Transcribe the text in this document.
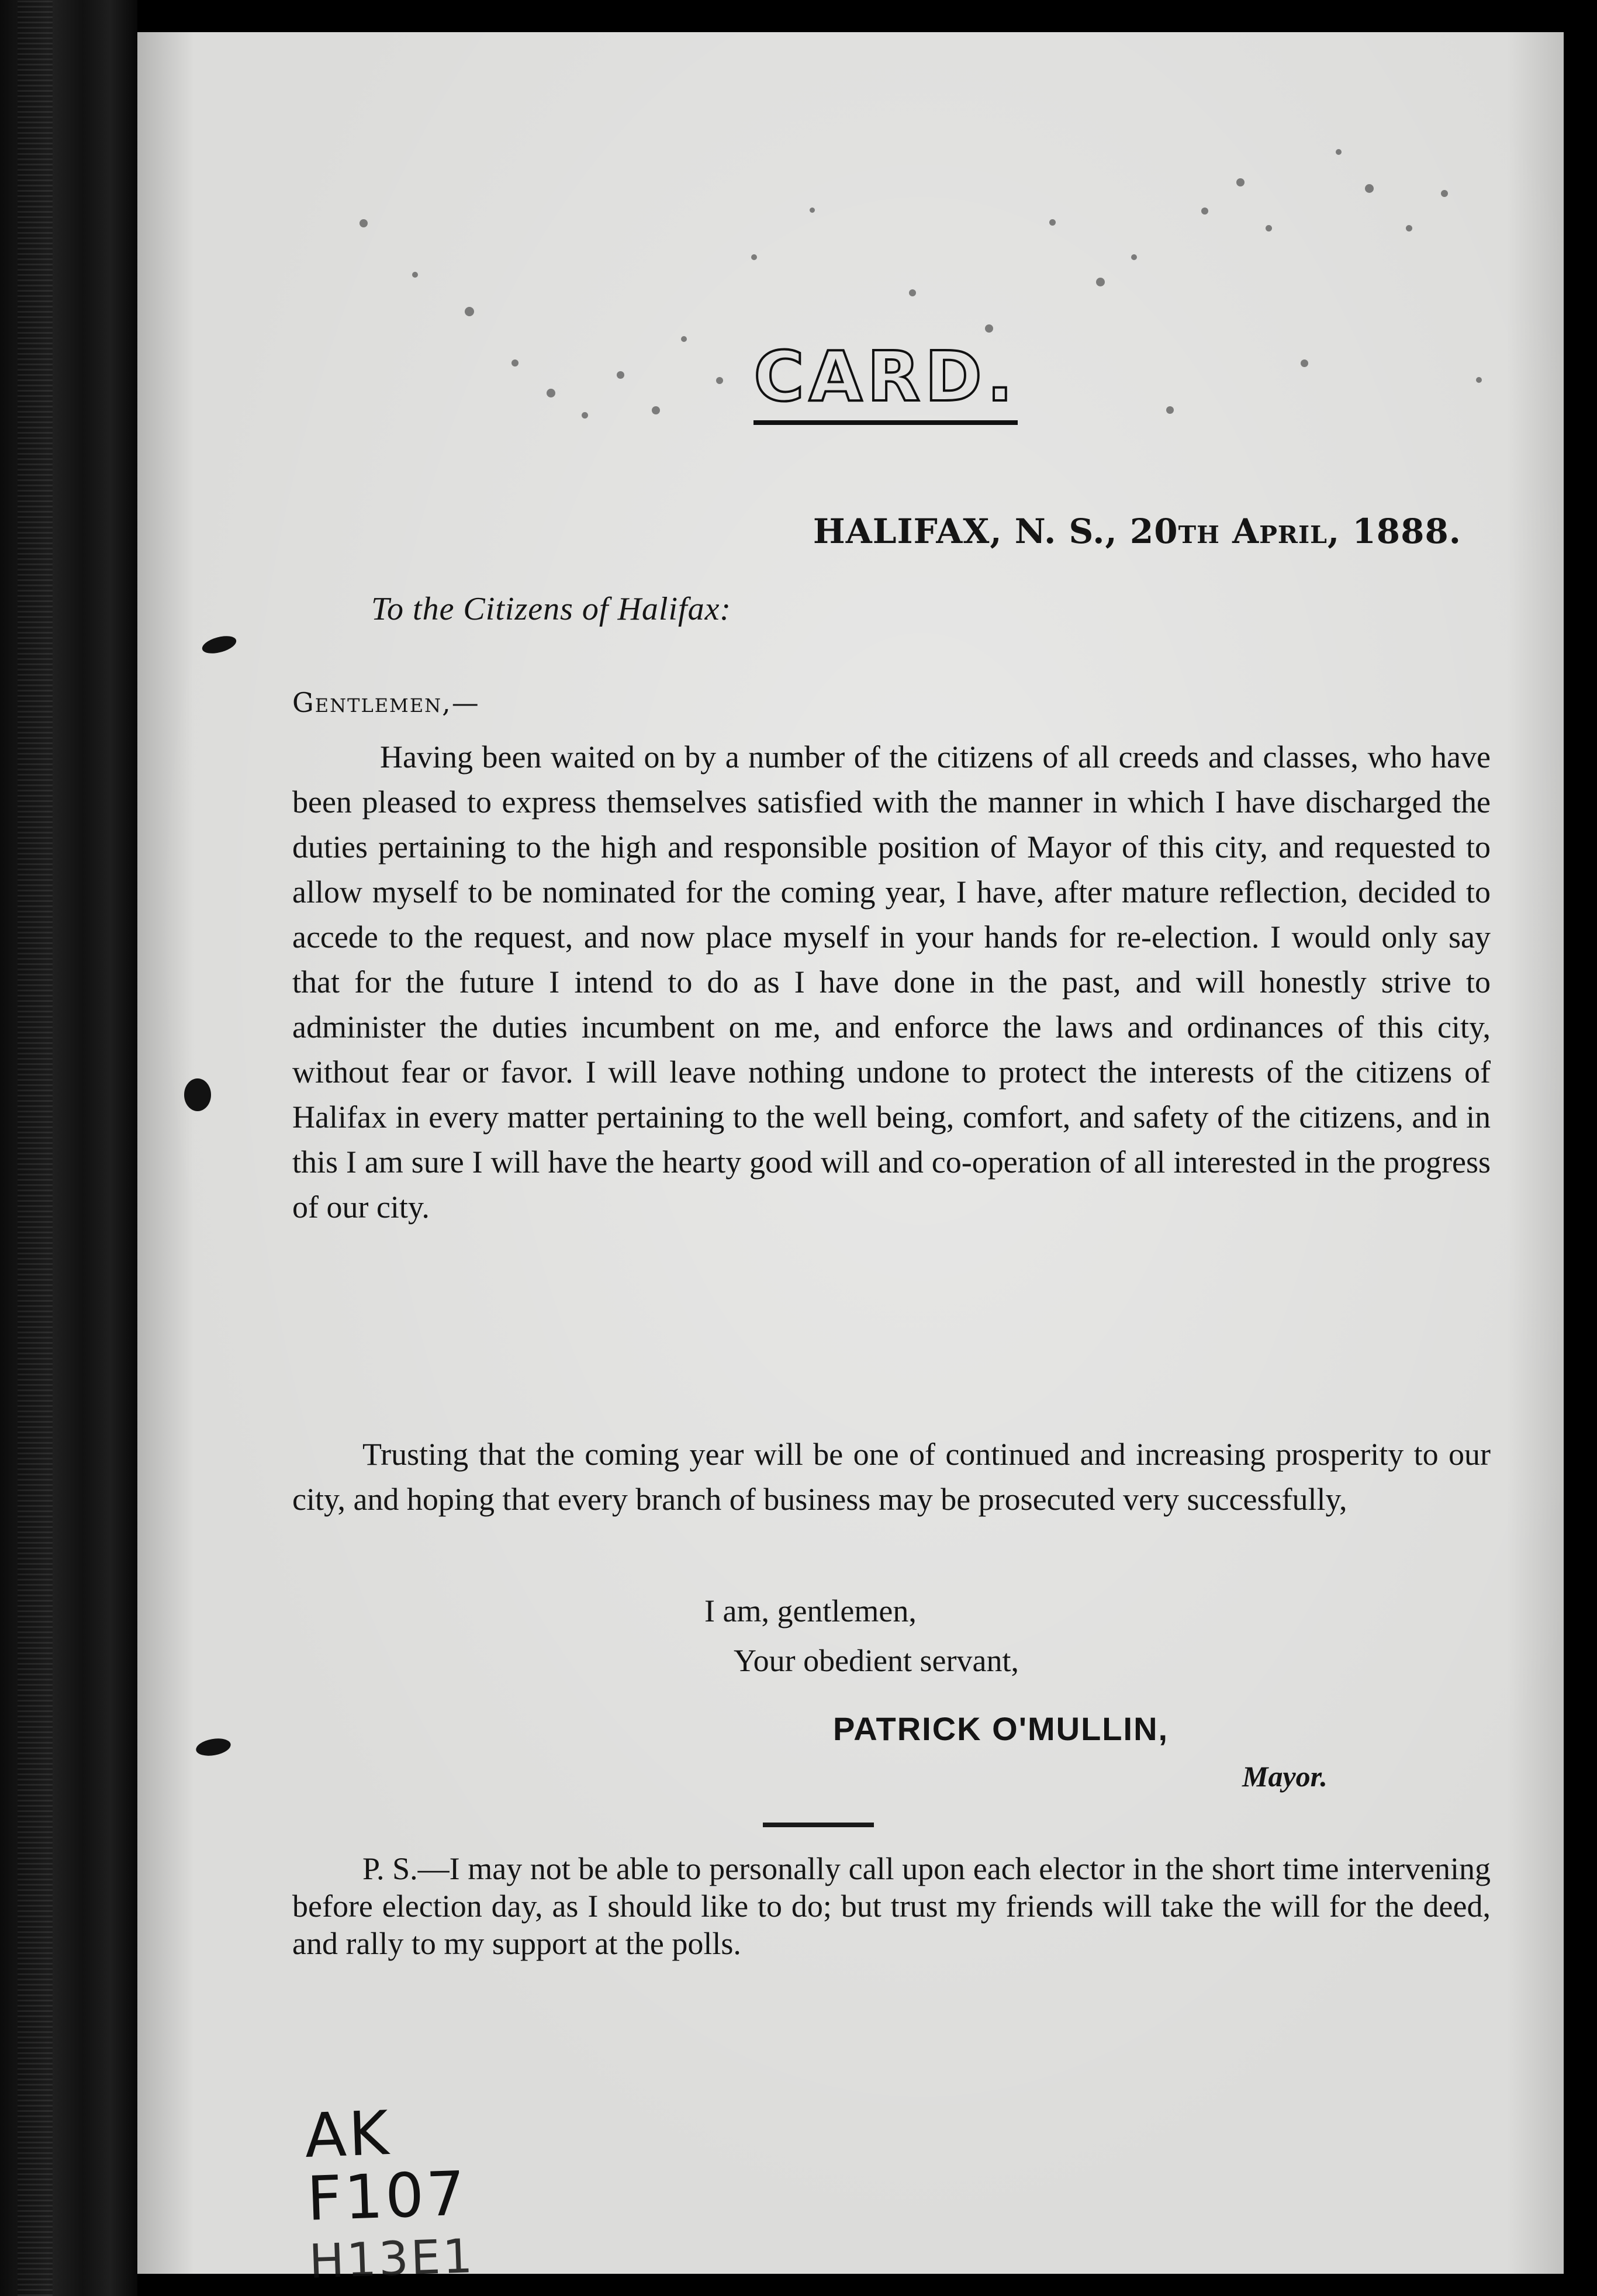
CARD.
HALIFAX, N. S., 20th April, 1888.
To the Citizens of Halifax:
Gentlemen,—

Having been waited on by a number of the citizens of all creeds and classes, who have been pleased to express themselves satisfied with the manner in which I have discharged the duties pertaining to the high and responsible position of Mayor of this city, and requested to allow myself to be nominated for the coming year, I have, after mature reflection, decided to accede to the request, and now place myself in your hands for re-election. I would only say that for the future I intend to do as I have done in the past, and will honestly strive to administer the duties incumbent on me, and enforce the laws and ordinances of this city, without fear or favor. I will leave nothing undone to protect the interests of the citizens of Halifax in every matter pertaining to the well being, comfort, and safety of the citizens, and in this I am sure I will have the hearty good will and co-operation of all interested in the progress of our city.

Trusting that the coming year will be one of continued and increasing prosperity to our city, and hoping that every branch of business may be prosecuted very successfully,

I am, gentlemen,
Your obedient servant,
PATRICK O'MULLIN,
Mayor.

P. S.—I may not be able to personally call upon each elector in the short time intervening before election day, as I should like to do; but trust my friends will take the will for the deed, and rally to my support at the polls.

AK
F107
H13E1
